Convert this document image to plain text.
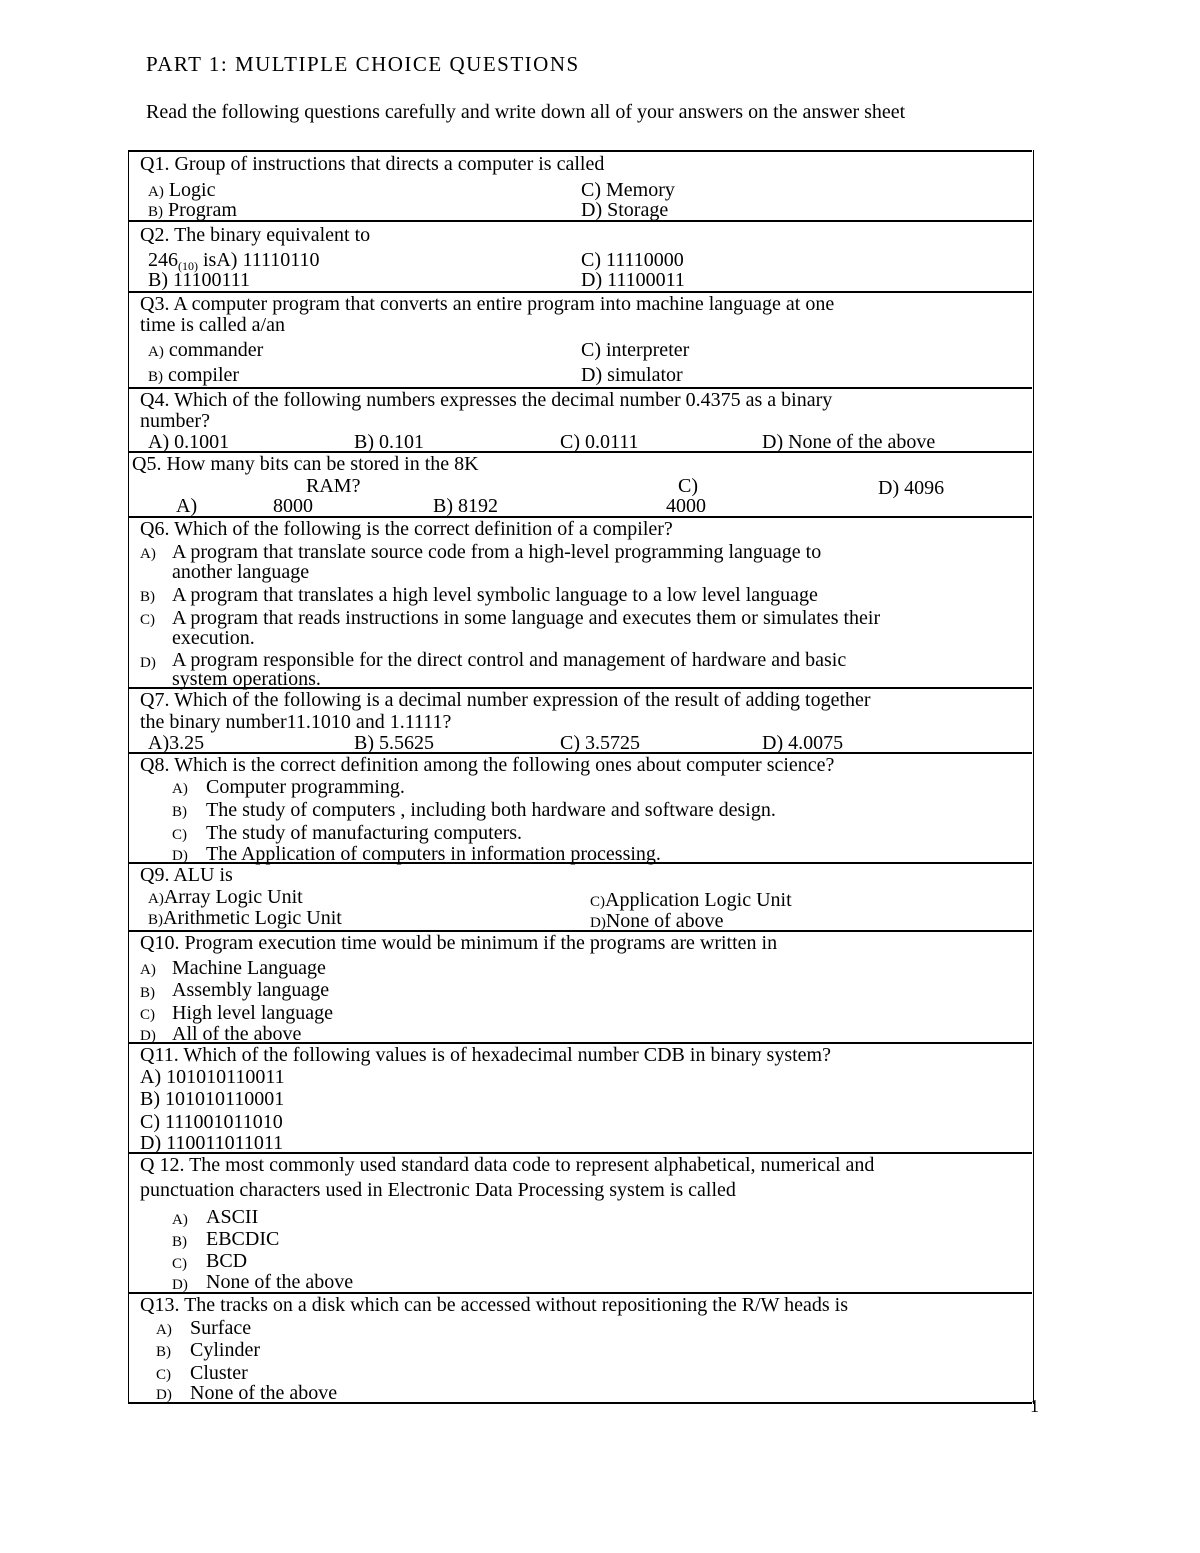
PART 1: MULTIPLE CHOICE QUESTIONS
Read the following questions carefully and write down all of your answers on the answer sheet
Q1. Group of instructions that directs a computer is called
A) Logic
B) Program
C) Memory
D) Storage
Q2. The binary equivalent to
$246_{(10)}$ isA) 11110110
B) 11100111
C) 11110000
D) 11100011
Q3. A computer program that converts an entire program into machine language at one
time is called a/an
A) commander
B) compiler
C) interpreter
D) simulator
Q4. Which of the following numbers expresses the decimal number 0.4375 as a binary
number?
A) 0.1001	B) 0.101	C) 0.0111	D) None of the above
Q5. How many bits can be stored in the 8K
RAM?
A)	8000	B) 8192
C)
4000
D) 4096
Q6. Which of the following is the correct definition of a compiler?
A) A program that translate source code from a high-level programming language to
another language
B) A program that translates a high level symbolic language to a low level language
C) A program that reads instructions in some language and executes them or simulates their
execution.
D) A program responsible for the direct control and management of hardware and basic
system operations.
Q7. Which of the following is a decimal number expression of the result of adding together
the binary number11.1010 and 1.1111?
A)3.25	B) 5.5625	C) 3.5725	D) 4.0075
Q8. Which is the correct definition among the following ones about computer science?
A) Computer programming.
B) The study of computers , including both hardware and software design.
C) The study of manufacturing computers.
D) The Application of computers in information processing.
Q9. ALU is
A)Array Logic Unit
B)Arithmetic Logic Unit
C)Application Logic Unit
D)None of above
Q10. Program execution time would be minimum if the programs are written in
A) Machine Language
B) Assembly language
C) High level language
D) All of the above
Q11. Which of the following values is of hexadecimal number CDB in binary system?
A) 101010110011
B) 101010110001
C) 111001011010
D) 110011011011
Q 12. The most commonly used standard data code to represent alphabetical, numerical and
punctuation characters used in Electronic Data Processing system is called
A) ASCII
B) EBCDIC
C) BCD
D) None of the above
Q13. The tracks on a disk which can be accessed without repositioning the R/W heads is
A) Surface
B) Cylinder
C) Cluster
D) None of the above
1
